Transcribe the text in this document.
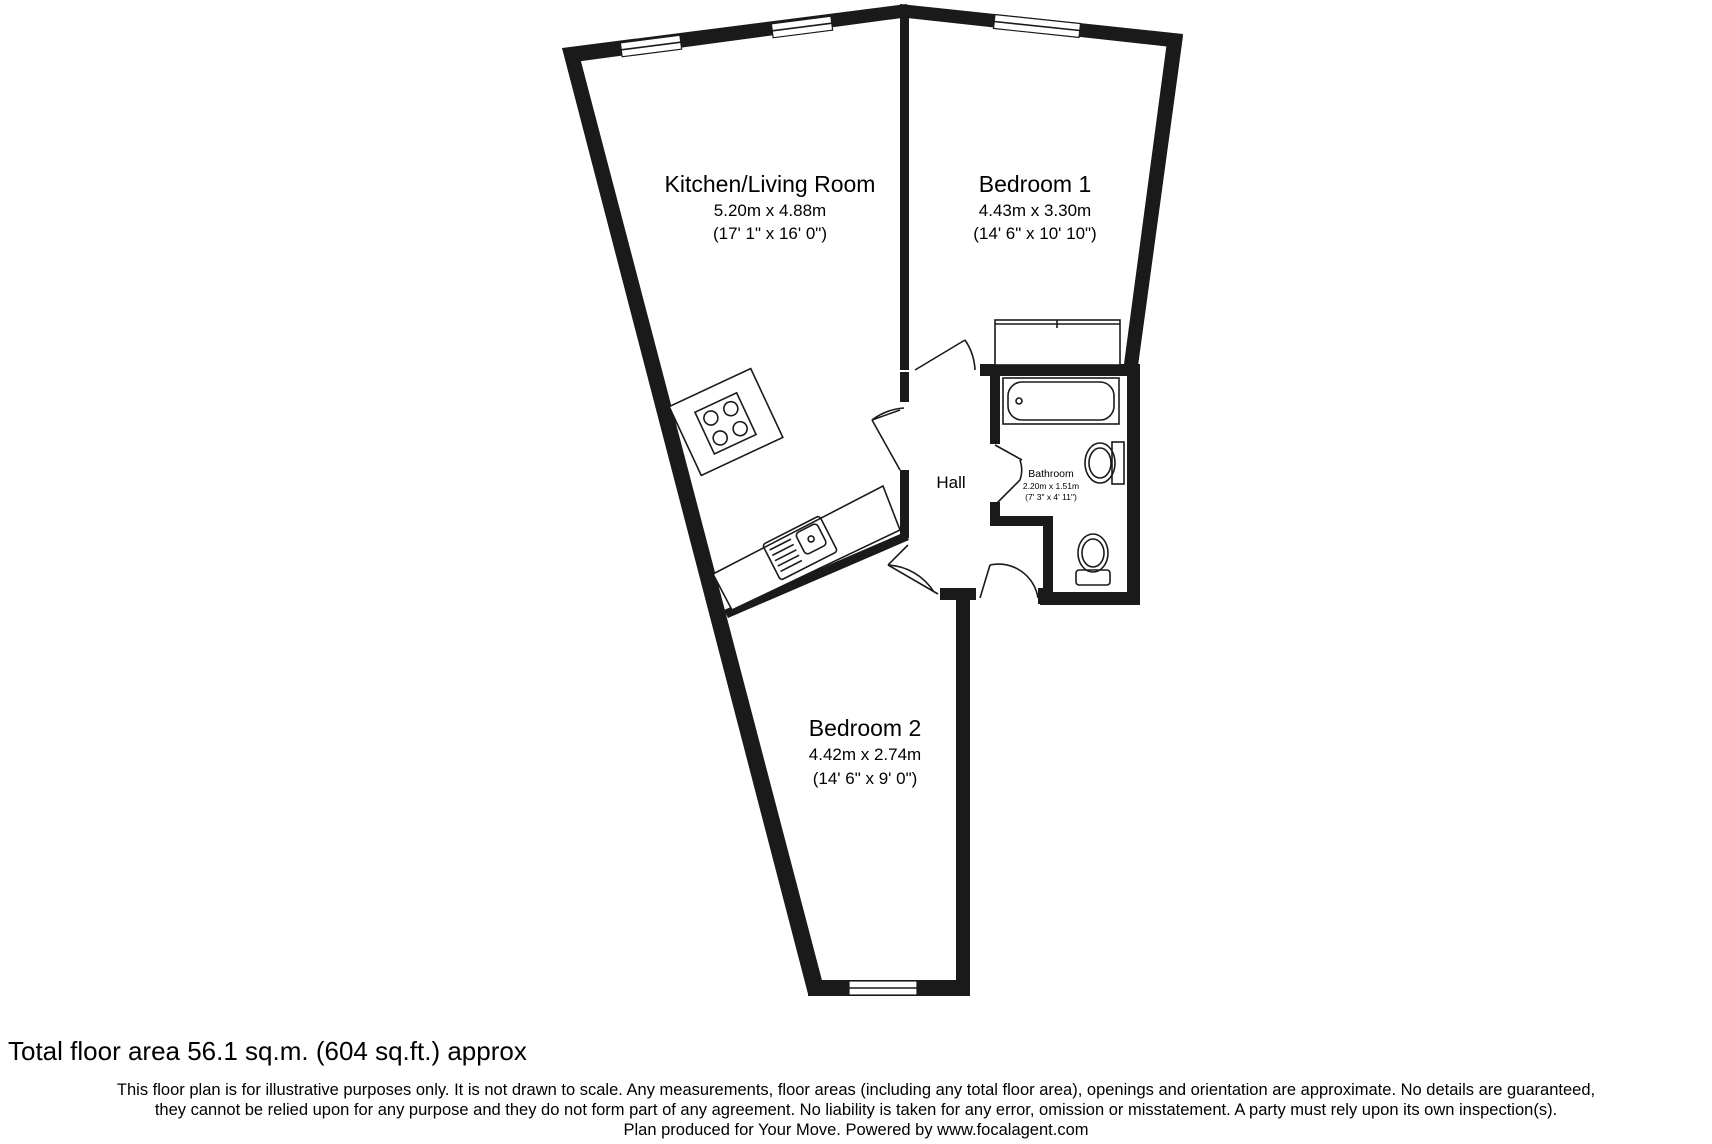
Kitchen/Living Room
5.20m x 4.88m
(17' 1" x 16' 0")
Bedroom 1
4.43m x 3.30m
(14' 6" x 10' 10")
Hall	Bathroom
2.20m x 1.51m
(7' 3" x 4' 11")
Bedroom 2
4.42m x 2.74m
(14' 6" x 9' 0")
Total floor area 56.1 sq.m. (604 sq.ft.) approx
This floor plan is for illustrative purposes only. It is not drawn to scale. Any measurements, floor areas (including any total floor area), openings and orientation are approximate. No details are guaranteed,
they cannot be relied upon for any purpose and they do not form part of any agreement. No liability is taken for any error, omission or misstatement. A party must rely upon its own inspection(s).
Plan produced for Your Move. Powered by www.focalagent.com
